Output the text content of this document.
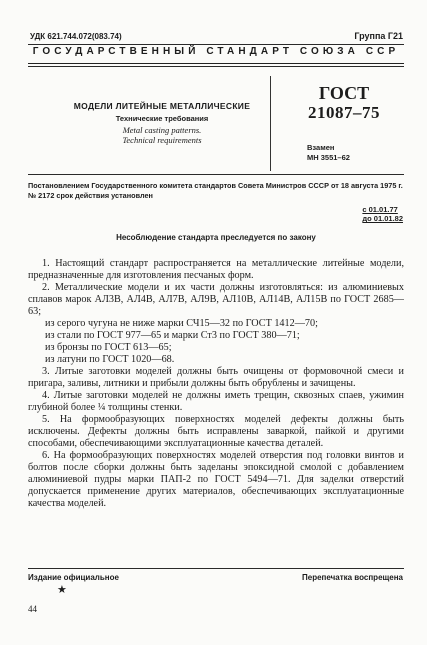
УДК 621.744.072(083.74)	Группа Г21
ГОСУДАРСТВЕННЫЙ СТАНДАРТ СОЮЗА ССР
МОДЕЛИ ЛИТЕЙНЫЕ МЕТАЛЛИЧЕСКИЕ
Технические требования
Metal casting patterns.
Technical requirements
ГОСТ
21087–75
Взамен
МН 3551–62
Постановлением Государственного комитета стандартов Совета Министров СССР от 18 августа 1975 г. № 2172 срок действия установлен
с 01.01.77
до 01.01.82
Несоблюдение стандарта преследуется по закону

1. Настоящий стандарт распространяется на металлические литейные модели, предназначенные для изготовления песчаных форм.

2. Металлические модели и их части должны изготовляться: из алюминиевых сплавов марок АЛ3В, АЛ4В, АЛ7В, АЛ9В, АЛ10В, АЛ14В, АЛ15В по ГОСТ 2685—63;

из серого чугуна не ниже марки СЧ15—32 по ГОСТ 1412—70;

из стали по ГОСТ 977—65 и марки Ст3 по ГОСТ 380—71;

из бронзы по ГОСТ 613—65;

из латуни по ГОСТ 1020—68.

3. Литые заготовки моделей должны быть очищены от формовочной смеси и пригара, заливы, литники и прибыли должны быть обрублены и зачищены.

4. Литые заготовки моделей не должны иметь трещин, сквозных спаев, ужимин глубиной более ¼ толщины стенки.

5. На формообразующих поверхностях моделей дефекты должны быть исключены. Дефекты должны быть исправлены заваркой, пайкой и другими способами, обеспечивающими эксплуатационные качества деталей.

6. На формообразующих поверхностях моделей отверстия под головки винтов и болтов после сборки должны быть заделаны эпоксидной смолой с добавлением алюминиевой пудры марки ПАП-2 по ГОСТ 5494—71. Для заделки отверстий допускается применение других материалов, обеспечивающих эксплуатационные качества моделей.

Издание официальное	Перепечатка воспрещена
★
44
